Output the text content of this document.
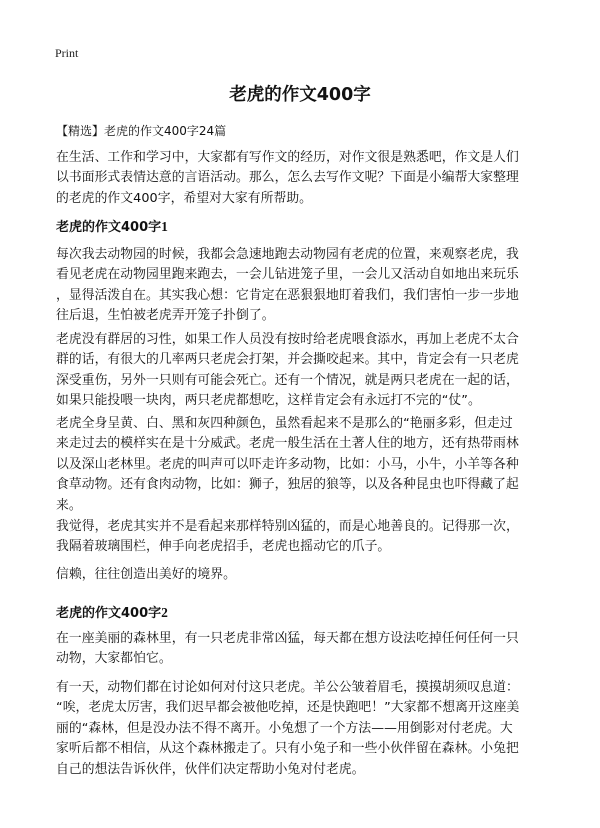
Print
老虎的作文400字

【精选】老虎的作文400字24篇

在生活、工作和学习中，大家都有写作文的经历，对作文很是熟悉吧，作文是人们
以书面形式表情达意的言语活动。那么，怎么去写作文呢？下面是小编帮大家整理
的老虎的作文400字，希望对大家有所帮助。

老虎的作文400字1

每次我去动物园的时候，我都会急速地跑去动物园有老虎的位置，来观察老虎，我
看见老虎在动物园里跑来跑去，一会儿钻进笼子里，一会儿又活动自如地出来玩乐
，显得活泼自在。其实我心想：它肯定在恶狠狠地盯着我们，我们害怕一步一步地
往后退，生怕被老虎弄开笼子扑倒了。

老虎没有群居的习性，如果工作人员没有按时给老虎喂食添水，再加上老虎不太合
群的话，有很大的几率两只老虎会打架，并会撕咬起来。其中，肯定会有一只老虎
深受重伤，另外一只则有可能会死亡。还有一个情况，就是两只老虎在一起的话，
如果只能投喂一块肉，两只老虎都想吃，这样肯定会有永远打不完的“仗”。

老虎全身呈黄、白、黑和灰四种颜色，虽然看起来不是那么的“艳丽多彩，但走过
来走过去的模样实在是十分威武。老虎一般生活在土著人住的地方，还有热带雨林
以及深山老林里。老虎的叫声可以吓走许多动物，比如：小马，小牛，小羊等各种
食草动物。还有食肉动物，比如：狮子，独居的狼等，以及各种昆虫也吓得藏了起
来。

我觉得，老虎其实并不是看起来那样特别凶猛的，而是心地善良的。记得那一次，
我隔着玻璃围栏，伸手向老虎招手，老虎也摇动它的爪子。

信赖，往往创造出美好的境界。

老虎的作文400字2

在一座美丽的森林里，有一只老虎非常凶猛，每天都在想方设法吃掉任何任何一只
动物，大家都怕它。

有一天，动物们都在讨论如何对付这只老虎。羊公公皱着眉毛，摸摸胡须叹息道：
“唉，老虎太厉害，我们迟早都会被他吃掉，还是快跑吧！”大家都不想离开这座美
丽的“森林，但是没办法不得不离开。小兔想了一个方法——用倒影对付老虎。大
家听后都不相信，从这个森林搬走了。只有小兔子和一些小伙伴留在森林。小兔把
自己的想法告诉伙伴，伙伴们决定帮助小兔对付老虎。
